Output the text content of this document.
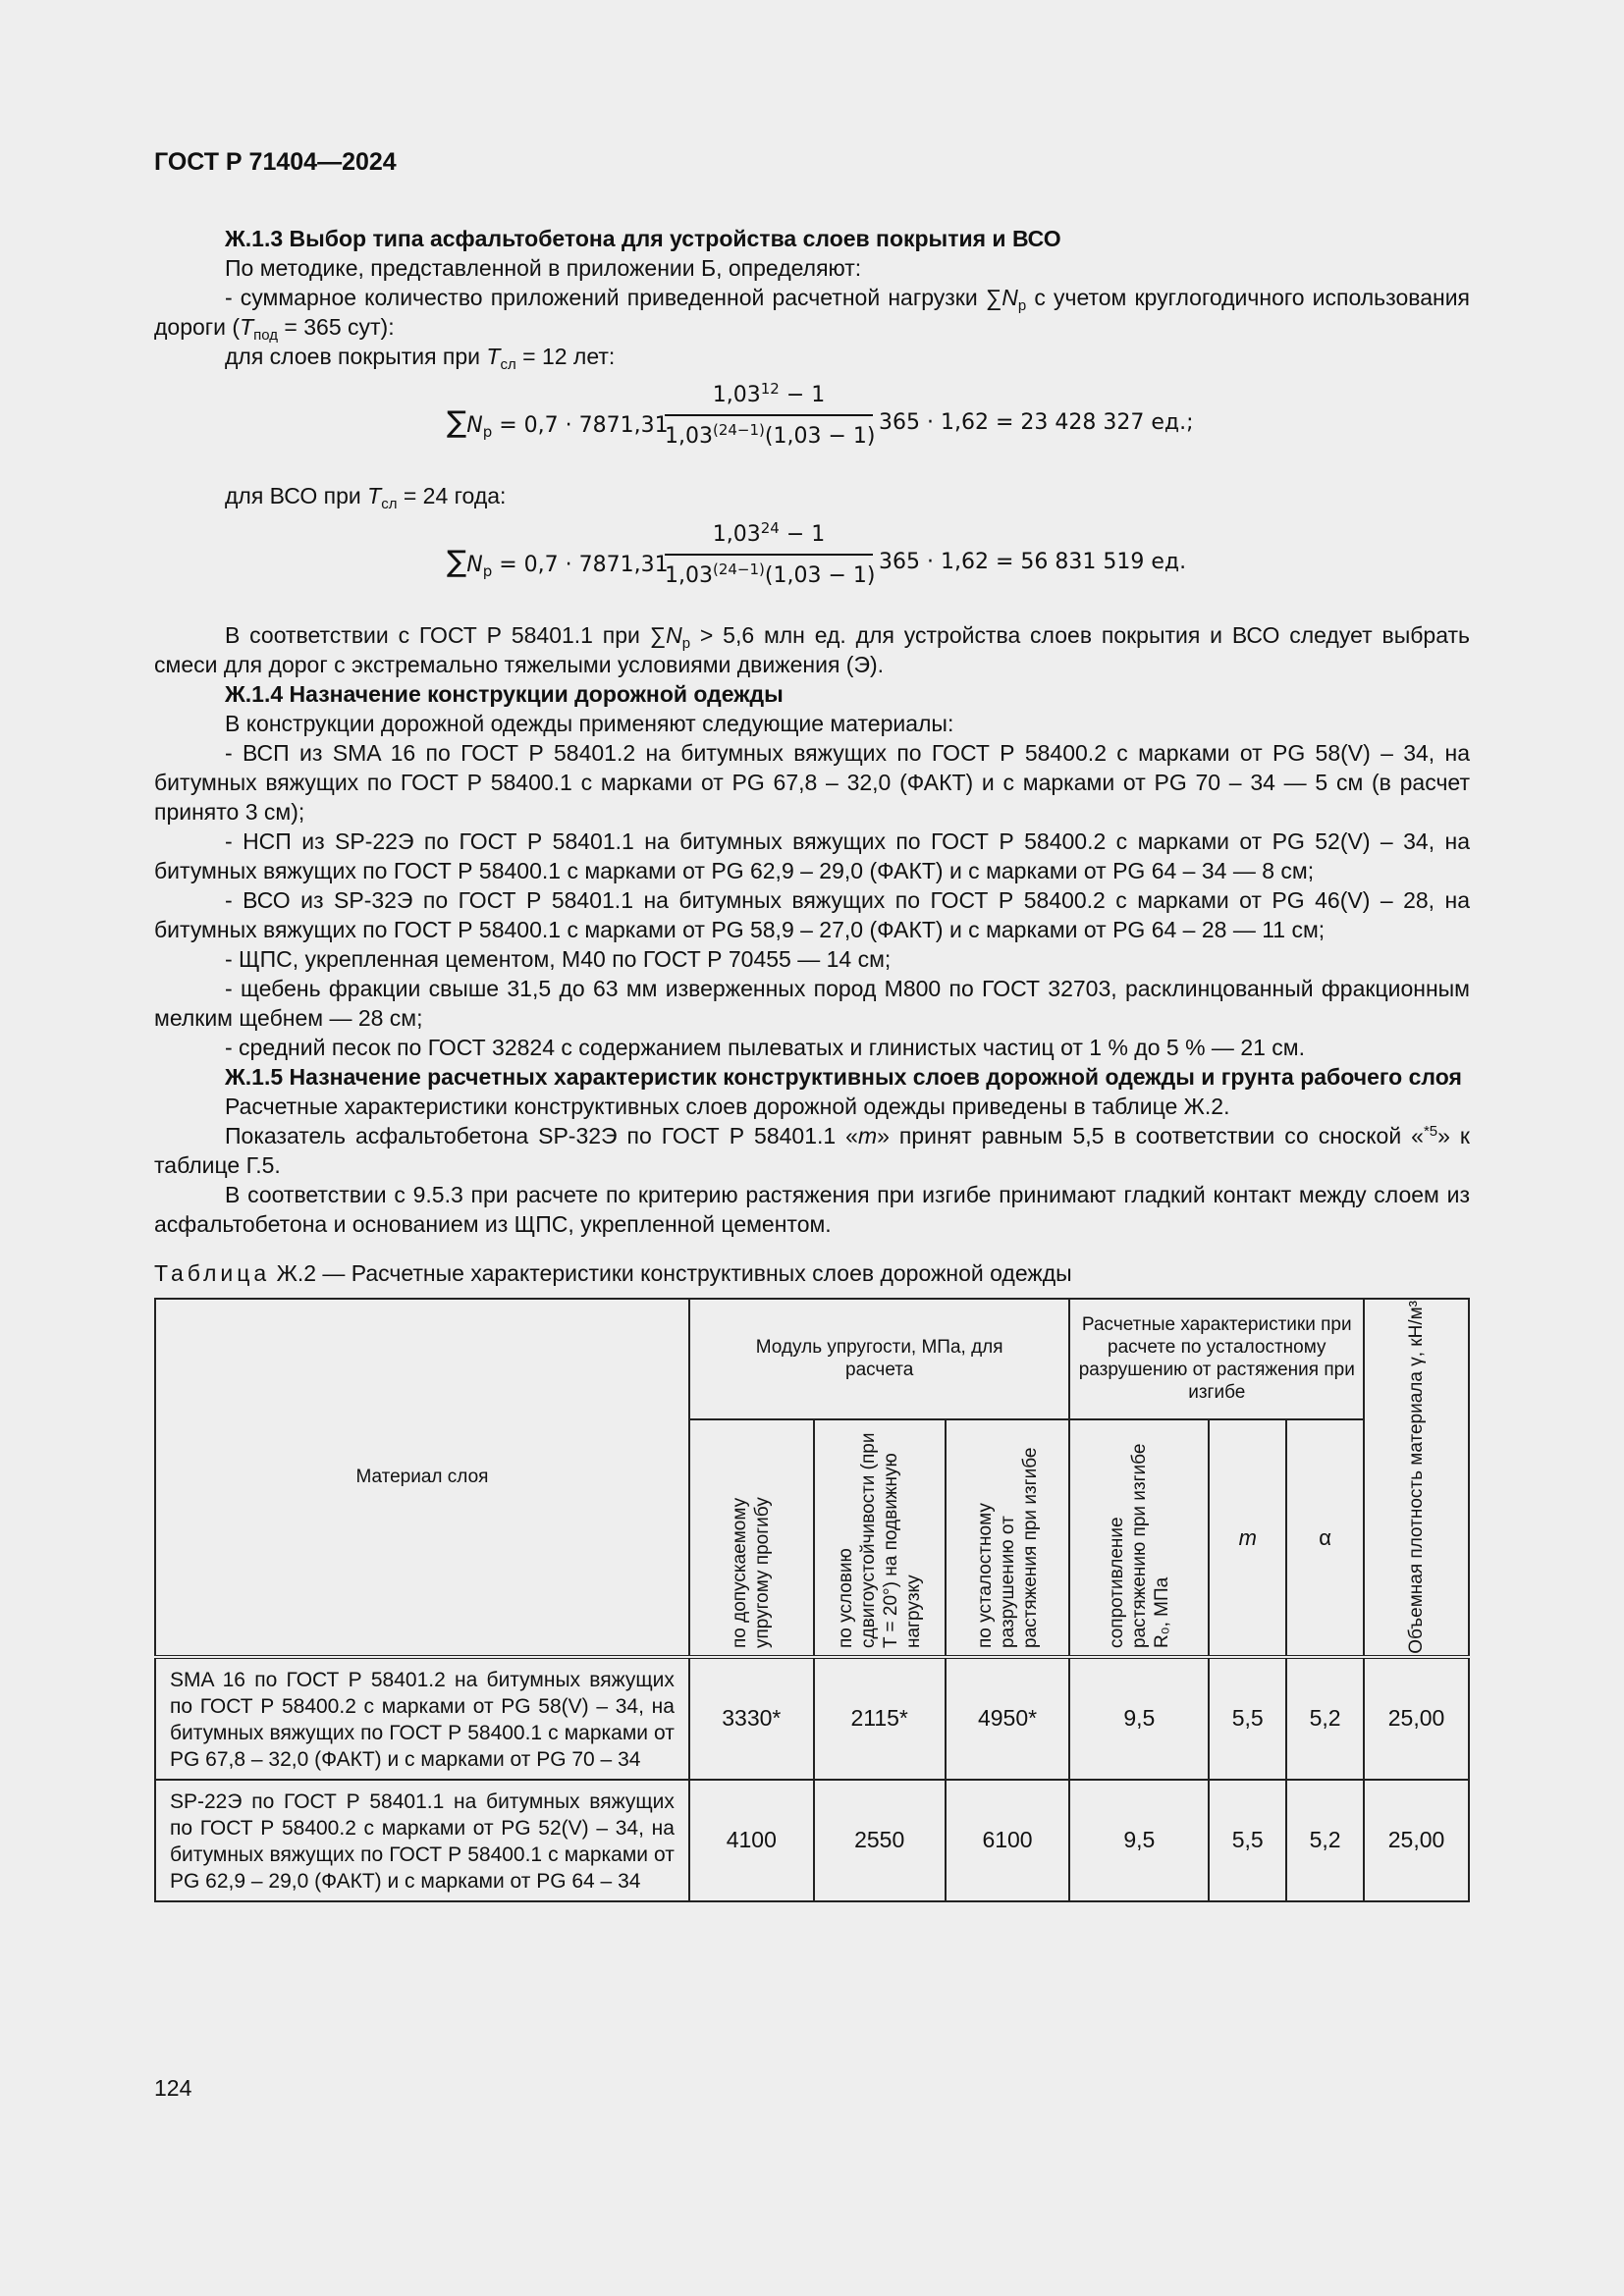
ГОСТ Р 71404—2024

Ж.1.3 Выбор типа асфальтобетона для устройства слоев покрытия и ВСО

По методике, представленной в приложении Б, определяют:

- суммарное количество приложений приведенной расчетной нагрузки $\sum N_р$ с учетом круглогодичного использования дороги ($T_{под} = 365$ сут):

для слоев покрытия при $T_{сл} = 12$ лет:

$\sum N_р = 0,7 \cdot 7871,31$
$\frac{1,03^{12} - 1}{1,03^{(24-1)}(1,03 - 1)} 365 \cdot 1,62 = 23$ 428 327 ед.;

для ВСО при $T_{сл} = 24$ года:

$\sum N_р = 0,7 \cdot 7871,31$
$\frac{1,03^{24} - 1}{1,03^{(24-1)}(1,03 - 1)} 365 \cdot 1,62 = 56$ 831 519 ед.

В соответствии с ГОСТ Р 58401.1 при $\sum N_р > 5,6$ млн ед. для устройства слоев покрытия и ВСО следует выбрать смеси для дорог с экстремально тяжелыми условиями движения (Э).

Ж.1.4 Назначение конструкции дорожной одежды

В конструкции дорожной одежды применяют следующие материалы:

- ВСП из SMA 16 по ГОСТ Р 58401.2 на битумных вяжущих по ГОСТ Р 58400.2 с марками от PG 58(V) – 34, на битумных вяжущих по ГОСТ Р 58400.1 с марками от PG 67,8 – 32,0 (ФАКТ) и с марками от PG 70 – 34 — 5 см (в расчет принято 3 см);

- НСП из SP-22Э по ГОСТ Р 58401.1 на битумных вяжущих по ГОСТ Р 58400.2 с марками от PG 52(V) – 34, на битумных вяжущих по ГОСТ Р 58400.1 с марками от PG 62,9 – 29,0 (ФАКТ) и с марками от PG 64 – 34 — 8 см;

- ВСО из SP-32Э по ГОСТ Р 58401.1 на битумных вяжущих по ГОСТ Р 58400.2 с марками от PG 46(V) – 28, на битумных вяжущих по ГОСТ Р 58400.1 с марками от PG 58,9 – 27,0 (ФАКТ) и с марками от PG 64 – 28 — 11 см;

- ЩПС, укрепленная цементом, М40 по ГОСТ Р 70455 — 14 см;

- щебень фракции свыше 31,5 до 63 мм изверженных пород М800 по ГОСТ 32703, расклинцованный фракционным мелким щебнем — 28 см;

- средний песок по ГОСТ 32824 с содержанием пылеватых и глинистых частиц от 1 % до 5 % — 21 см.

Ж.1.5 Назначение расчетных характеристик конструктивных слоев дорожной одежды и грунта рабочего слоя

Расчетные характеристики конструктивных слоев дорожной одежды приведены в таблице Ж.2.

Показатель асфальтобетона SP-32Э по ГОСТ Р 58401.1 «m» принят равным 5,5 в соответствии со сноской «$^{*5}$» к таблице Г.5.

В соответствии с 9.5.3 при расчете по критерию растяжения при изгибе принимают гладкий контакт между слоем из асфальтобетона и основанием из ЩПС, укрепленной цементом.

Таблица Ж.2 — Расчетные характеристики конструктивных слоев дорожной одежды

Материал слоя	Модуль упругости, МПа, для расчета			Расчетные характеристики при расчете по усталостному разрушению от растяжения при изгибе			Объемная плотность материала γ, кН/м³

	по допускаемому упругому прогибу	по условию сдвигоустойчивости (при T = 20°) на подвижную нагрузку	по усталостному разрушению от растяжения при изгибе	сопротивление растяжению при изгибе R₀, МПа	m	α	
SMA 16 по ГОСТ Р 58401.2 на битумных вяжущих по ГОСТ Р 58400.2 с марками от PG 58(V) – 34, на битумных вяжущих по ГОСТ Р 58400.1 с марками от PG 67,8 – 32,0 (ФАКТ) и с марками от PG 70 – 34	3330*	2115*	4950*	9,5	5,5	5,2	25,00
SP-22Э по ГОСТ Р 58401.1 на битумных вяжущих по ГОСТ Р 58400.2 с марками от PG 52(V) – 34, на битумных вяжущих по ГОСТ Р 58400.1 с марками от PG 62,9 – 29,0 (ФАКТ) и с марками от PG 64 – 34	4100	2550	6100	9,5	5,5	5,2	25,00
124
